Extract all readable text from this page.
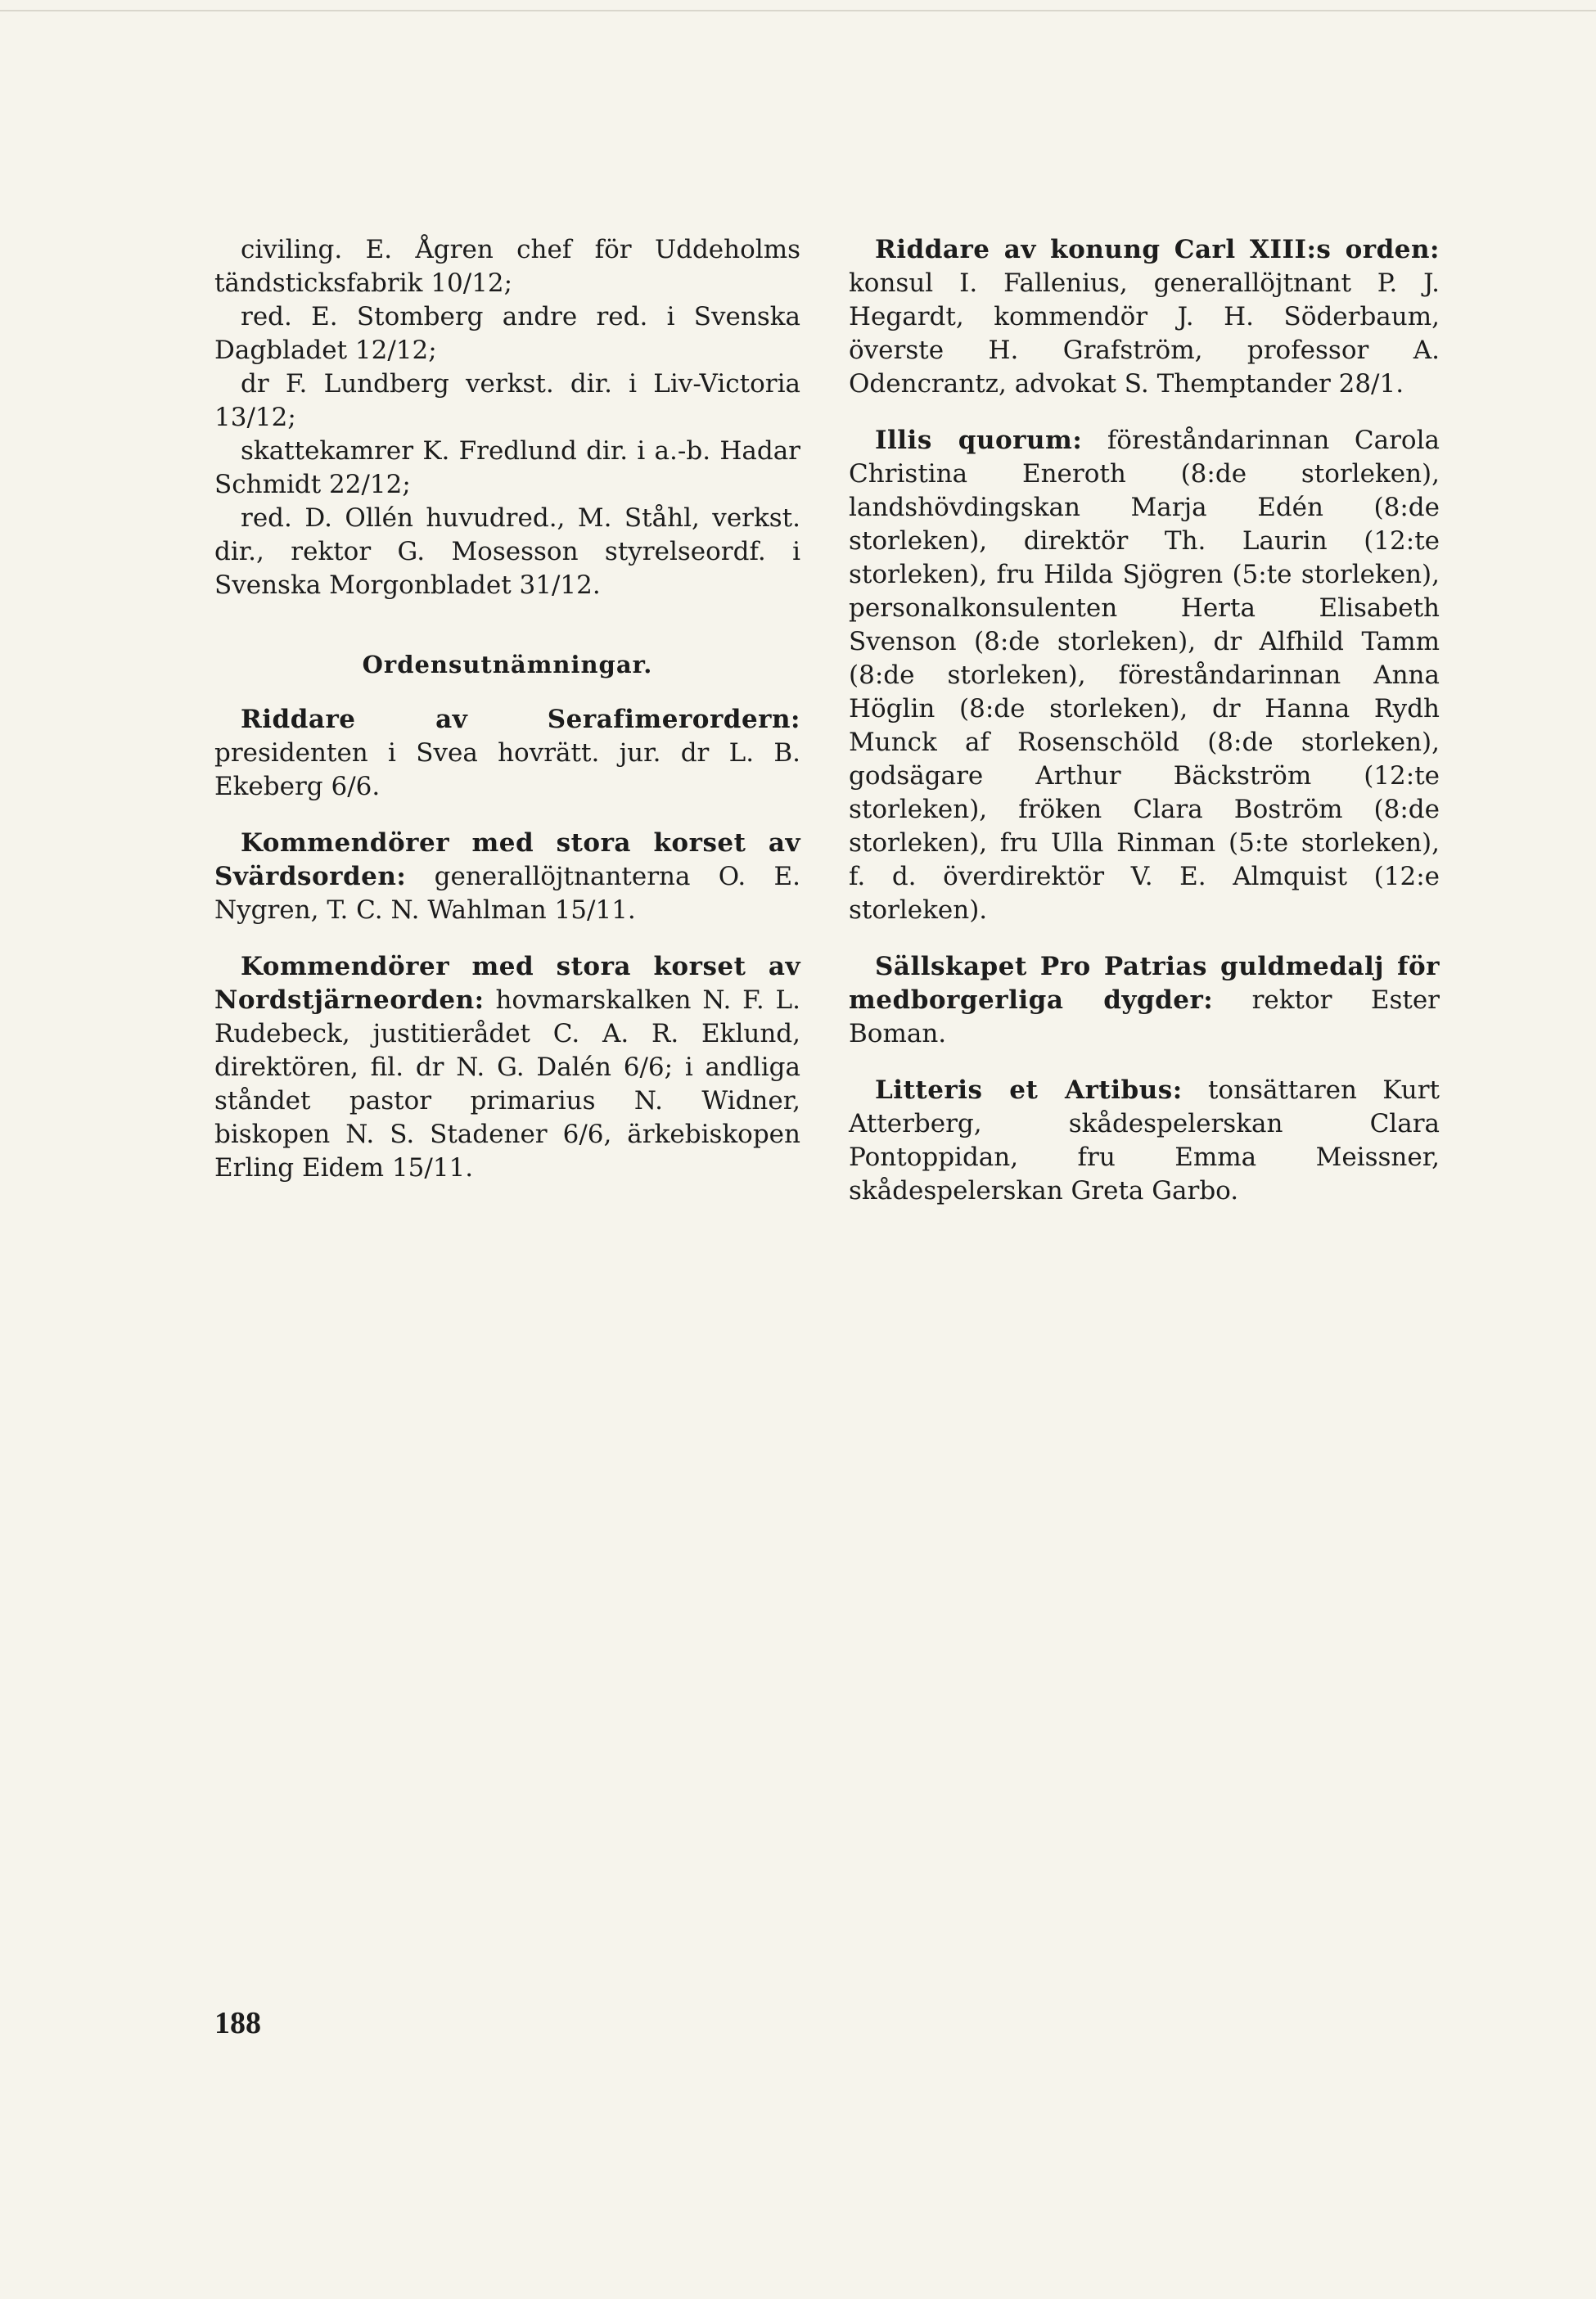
civiling. E. Ågren chef för Uddeholms tändsticksfabrik 10/12;

red. E. Stomberg andre red. i Svenska Dagbladet 12/12;

dr F. Lundberg verkst. dir. i Liv-Victoria 13/12;

skattekamrer K. Fredlund dir. i a.-b. Hadar Schmidt 22/12;

red. D. Ollén huvudred., M. Ståhl, verkst. dir., rektor G. Mosesson styrelseordf. i Svenska Morgonbladet 31/12.

Ordensutnämningar.

Riddare av Serafimerordern: presidenten i Svea hovrätt. jur. dr L. B. Ekeberg 6/6.

Kommendörer med stora korset av Svärdsorden: generallöjtnanterna O. E. Nygren, T. C. N. Wahlman 15/11.

Kommendörer med stora korset av Nordstjärneorden: hovmarskalken N. F. L. Rudebeck, justitierådet C. A. R. Eklund, direktören, fil. dr N. G. Dalén 6/6; i andliga ståndet pastor primarius N. Widner, biskopen N. S. Stadener 6/6, ärkebiskopen Erling Eidem 15/11.

Riddare av konung Carl XIII:s orden: konsul I. Fallenius, generallöjtnant P. J. Hegardt, kommendör J. H. Söderbaum, överste H. Grafström, professor A. Odencrantz, advokat S. Themptander 28/1.

Illis quorum: föreståndarinnan Carola Christina Eneroth (8:de storleken), landshövdingskan Marja Edén (8:de storleken), direktör Th. Laurin (12:te storleken), fru Hilda Sjögren (5:te storleken), personalkonsulenten Herta Elisabeth Svenson (8:de storleken), dr Alfhild Tamm (8:de storleken), föreståndarinnan Anna Höglin (8:de storleken), dr Hanna Rydh Munck af Rosenschöld (8:de storleken), godsägare Arthur Bäckström (12:te storleken), fröken Clara Boström (8:de storleken), fru Ulla Rinman (5:te storleken), f. d. överdirektör V. E. Almquist (12:e storleken).

Sällskapet Pro Patrias guldmedalj för medborgerliga dygder: rektor Ester Boman.

Litteris et Artibus: tonsättaren Kurt Atterberg, skådespelerskan Clara Pontoppidan, fru Emma Meissner, skådespelerskan Greta Garbo.

188
